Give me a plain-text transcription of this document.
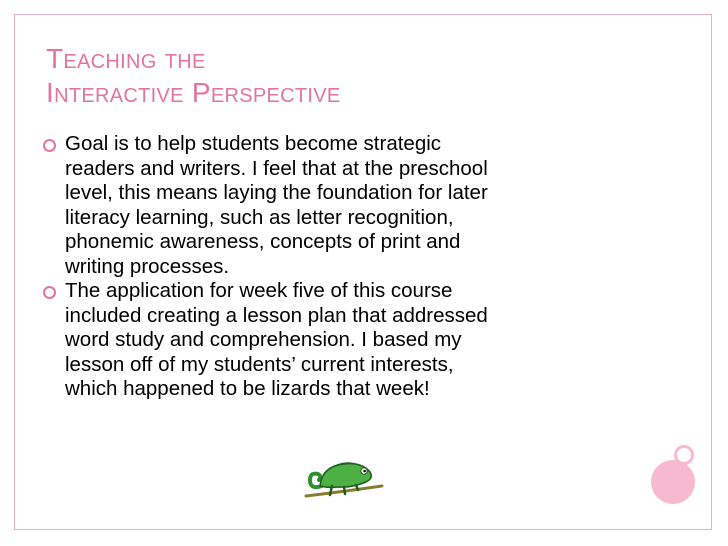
Teaching the
Interactive Perspective
Goal is to help students become strategic
readers and writers. I feel that at the preschool
level, this means laying the foundation for later
literacy learning, such as letter recognition,
phonemic awareness, concepts of print and
writing processes.
The application for week five of this course
included creating a lesson plan that addressed
word study and comprehension. I based my
lesson off of my students’ current interests,
which happened to be lizards that week!
